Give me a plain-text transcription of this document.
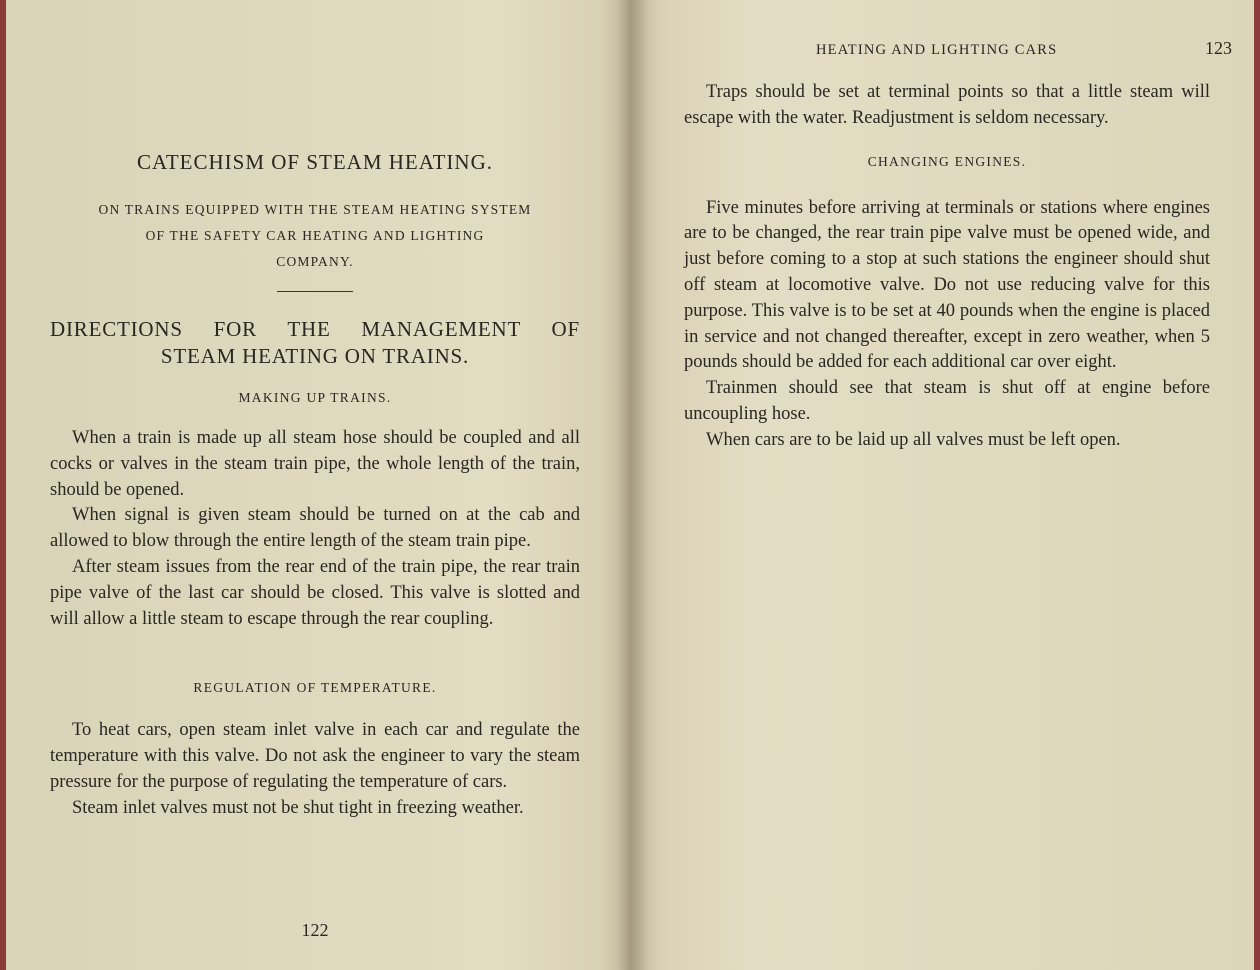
CATECHISM OF STEAM HEATING.

ON TRAINS EQUIPPED WITH THE STEAM HEATING SYSTEM

OF THE SAFETY CAR HEATING AND LIGHTING

COMPANY.

DIRECTIONS FOR THE MANAGEMENT OF

STEAM HEATING ON TRAINS.

MAKING UP TRAINS.

When a train is made up all steam hose should be coupled and all cocks or valves in the steam train pipe, the whole length of the train, should be opened.

When signal is given steam should be turned on at the cab and allowed to blow through the entire length of the steam train pipe.

After steam issues from the rear end of the train pipe, the rear train pipe valve of the last car should be closed. This valve is slotted and will allow a little steam to escape through the rear coupling.

REGULATION OF TEMPERATURE.

To heat cars, open steam inlet valve in each car and regulate the temperature with this valve. Do not ask the engineer to vary the steam pressure for the purpose of regulating the temperature of cars.

Steam inlet valves must not be shut tight in freezing weather.

122
HEATING AND LIGHTING CARS	123

Traps should be set at terminal points so that a little steam will escape with the water. Readjustment is seldom necessary.

CHANGING ENGINES.

Five minutes before arriving at terminals or stations where engines are to be changed, the rear train pipe valve must be opened wide, and just before coming to a stop at such stations the engineer should shut off steam at locomotive valve. Do not use reducing valve for this purpose. This valve is to be set at 40 pounds when the engine is placed in service and not changed thereafter, except in zero weather, when 5 pounds should be added for each additional car over eight.

Trainmen should see that steam is shut off at engine before uncoupling hose.

When cars are to be laid up all valves must be left open.
